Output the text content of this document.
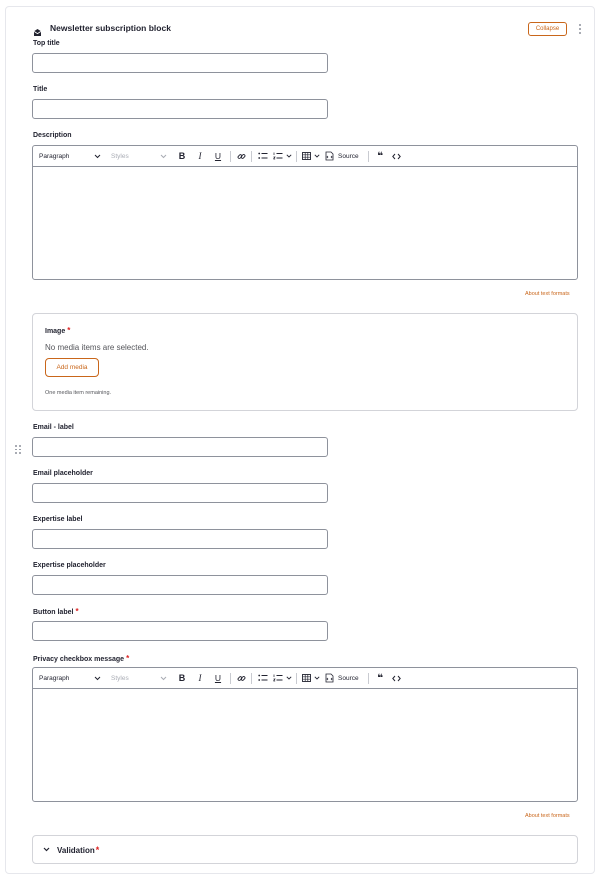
Newsletter subscription block	Collapse
Top title
Title
Description
Paragraph	Styles	B	I	U	Source	❝
About text formats
Image *
No media items are selected.
Add media
One media item remaining.
Email - label
Email placeholder
Expertise label
Expertise placeholder
Button label *
Privacy checkbox message *
Paragraph	Styles	B	I	U	Source	❝
About text formats
Validation*
